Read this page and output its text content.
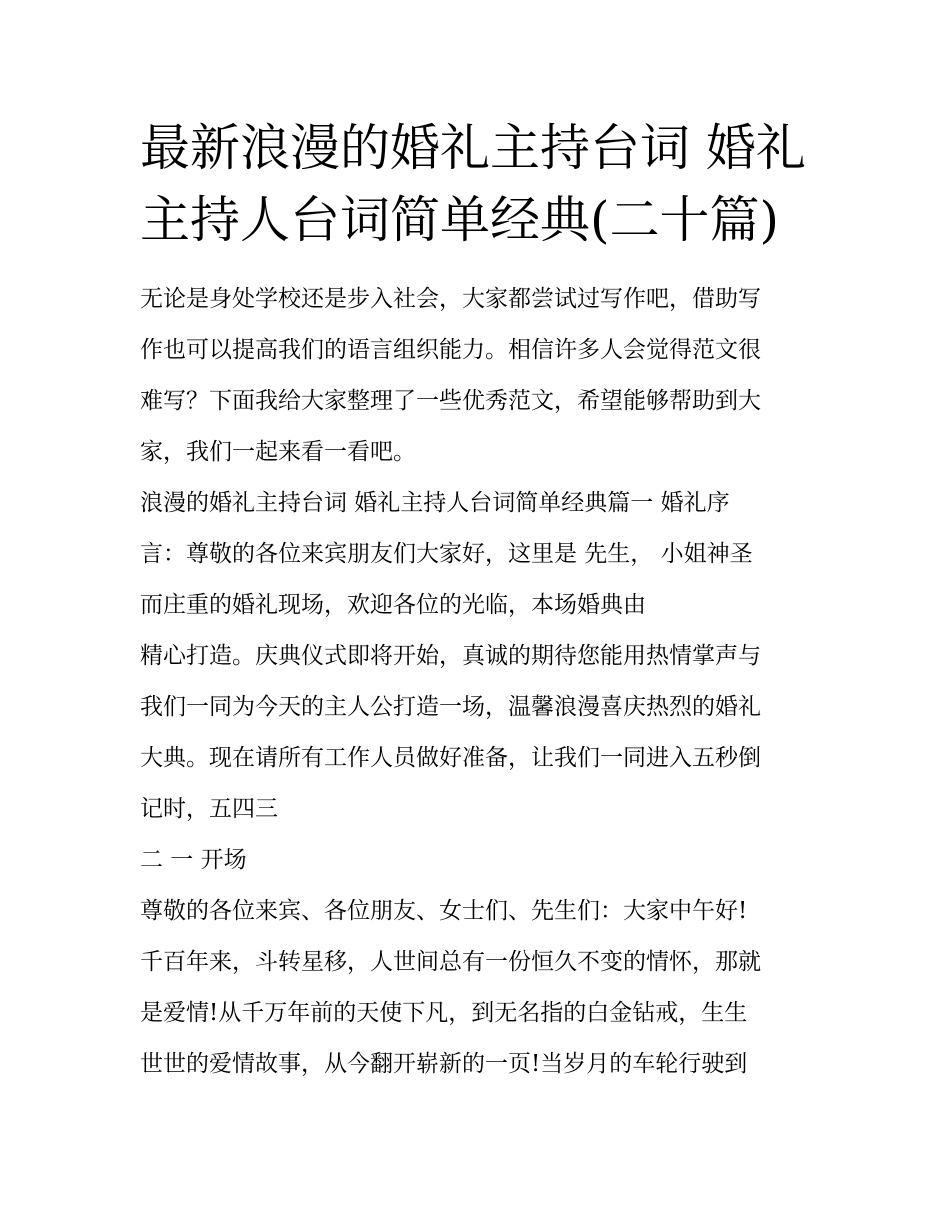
最新浪漫的婚礼主持台词 婚礼
主持人台词简单经典(二十篇)
无论是身处学校还是步入社会，大家都尝试过写作吧，借助写
作也可以提高我们的语言组织能力。相信许多人会觉得范文很
难写？下面我给大家整理了一些优秀范文，希望能够帮助到大
家，我们一起来看一看吧。
浪漫的婚礼主持台词 婚礼主持人台词简单经典篇一 婚礼序
言：尊敬的各位来宾朋友们大家好，这里是 先生， 小姐神圣
而庄重的婚礼现场，欢迎各位的光临，本场婚典由
精心打造。庆典仪式即将开始，真诚的期待您能用热情掌声与
我们一同为今天的主人公打造一场，温馨浪漫喜庆热烈的婚礼
大典。现在请所有工作人员做好准备，让我们一同进入五秒倒
记时，五四三
二 一 开场
尊敬的各位来宾、各位朋友、女士们、先生们：大家中午好!
千百年来，斗转星移，人世间总有一份恒久不变的情怀，那就
是爱情!从千万年前的天使下凡，到无名指的白金钻戒，生生
世世的爱情故事，从今翻开崭新的一页!当岁月的车轮行驶到
